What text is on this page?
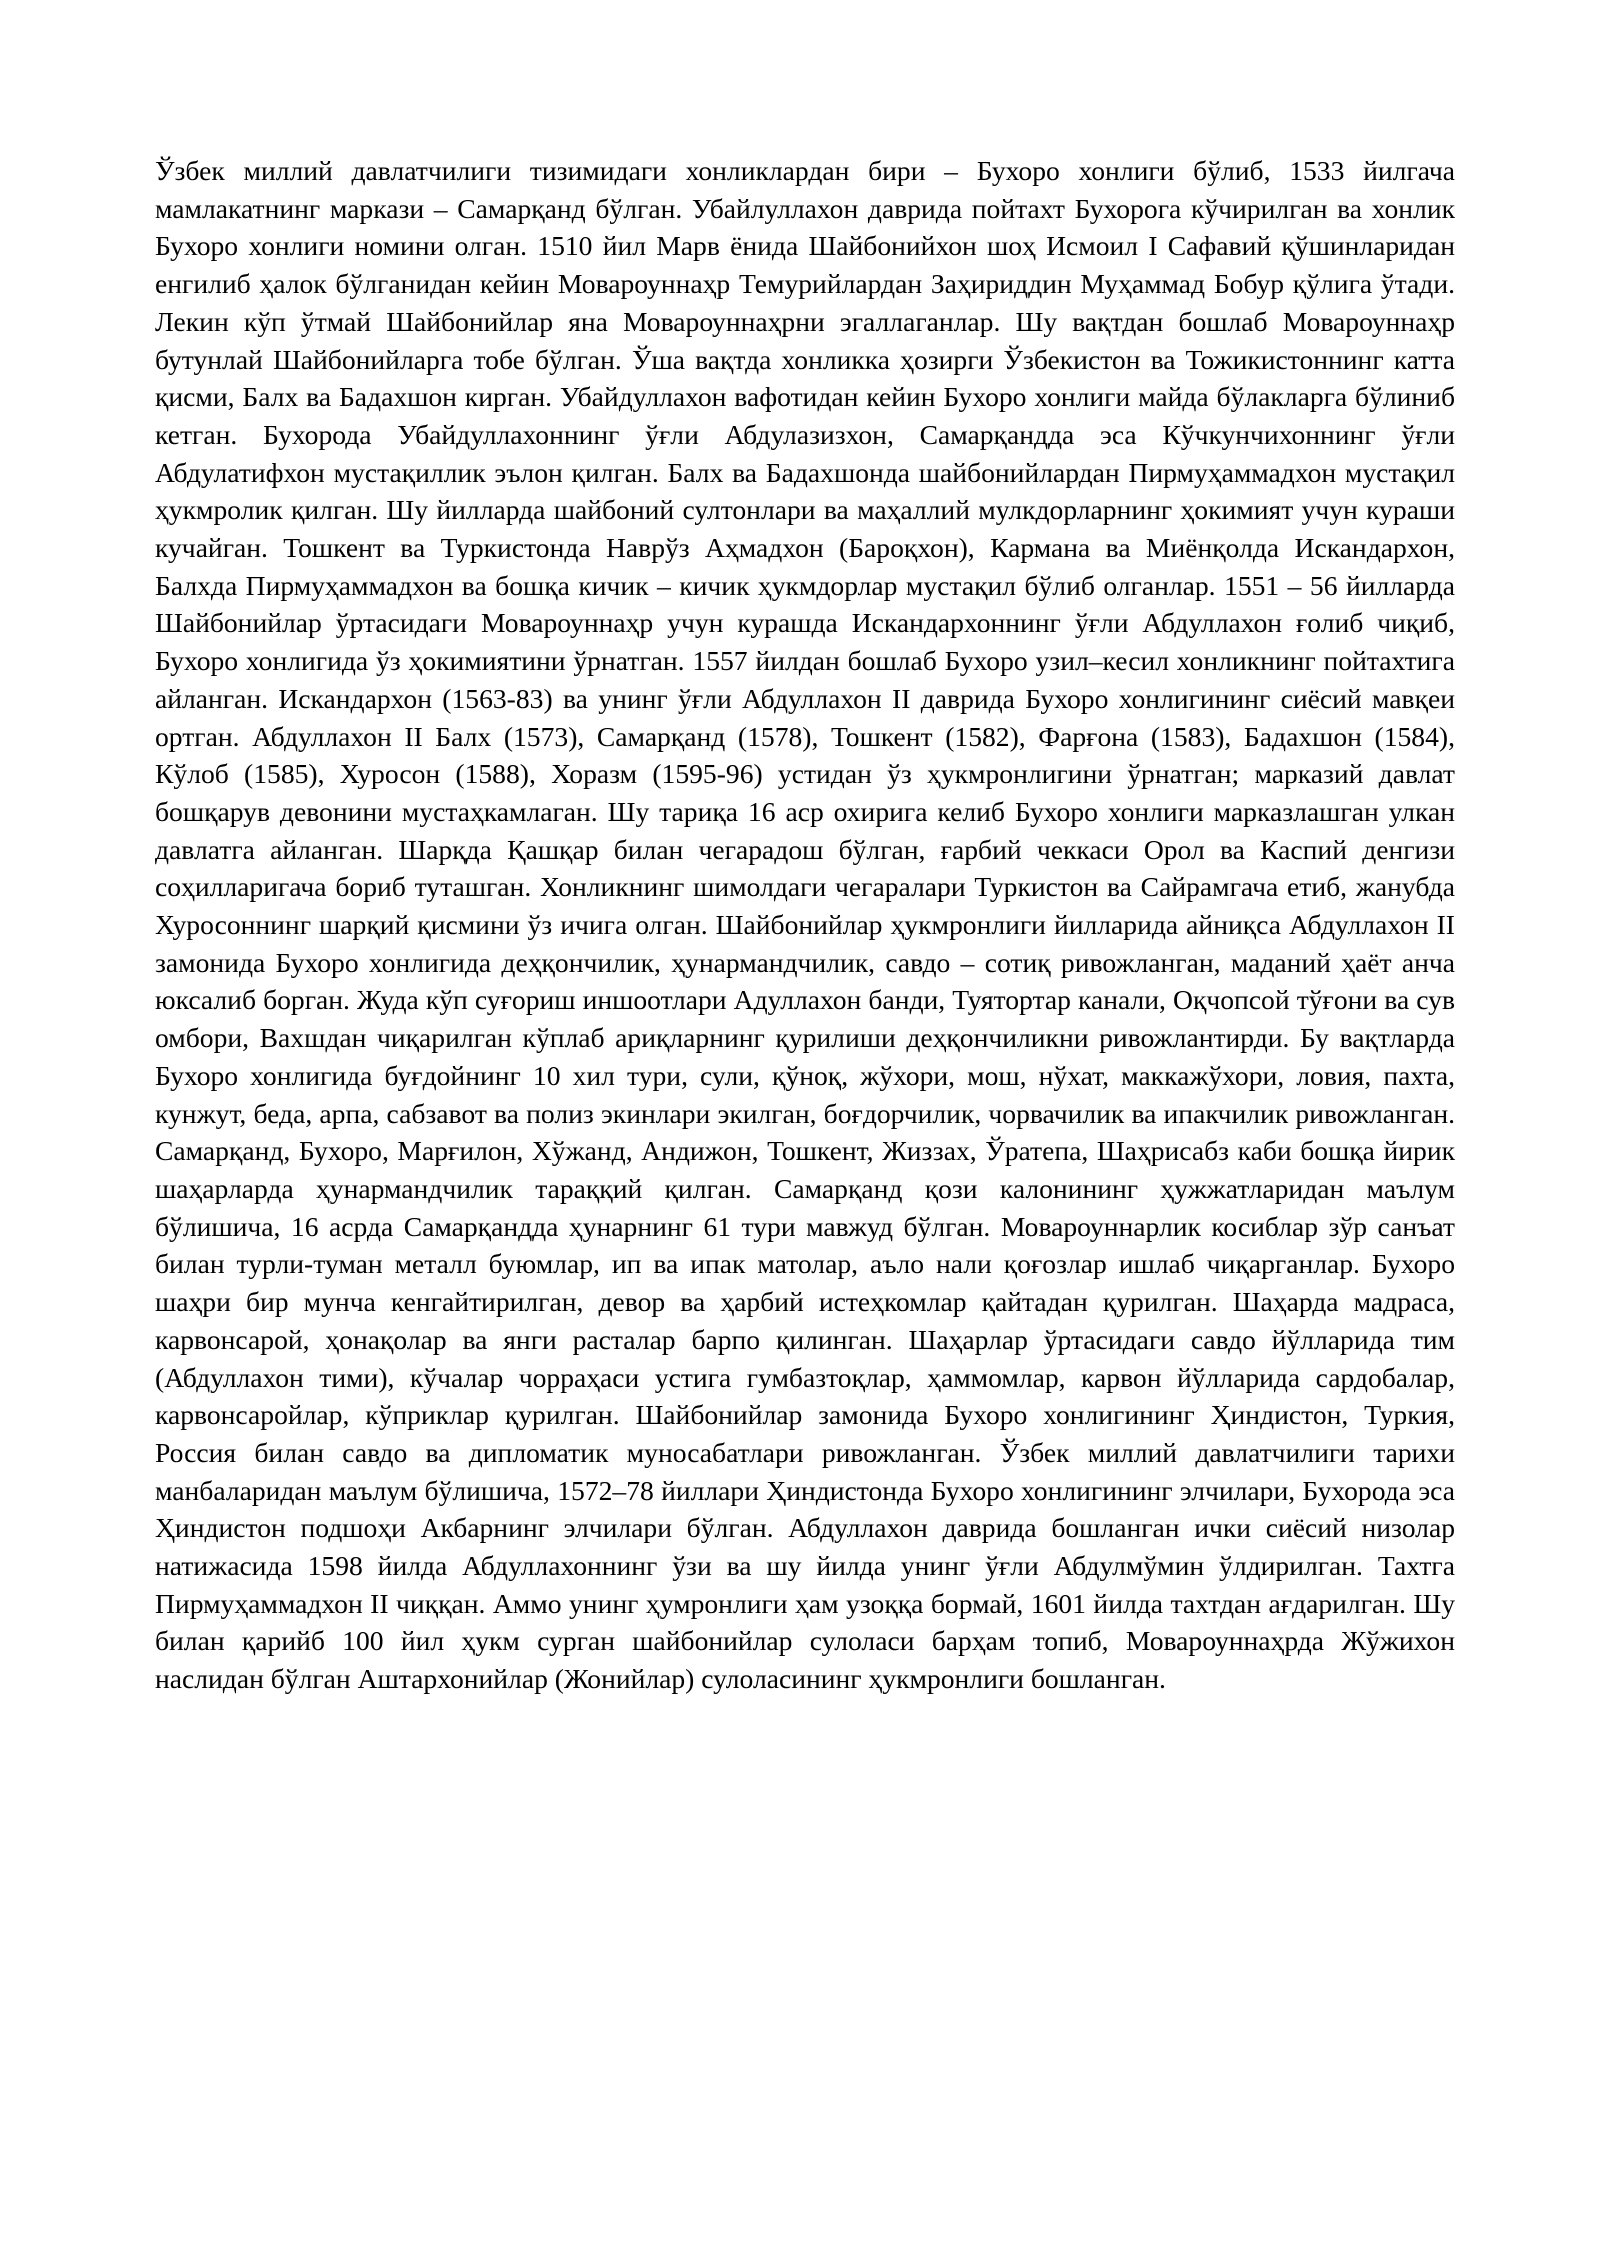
Ўзбек миллий давлатчилиги тизимидаги хонликлардан бири – Бухоро хонлиги бўлиб, 1533 йилгача мамлакатнинг маркази – Самарқанд бўлган. Убайлуллахон даврида пойтахт Бухорога кўчирилган ва хонлик Бухоро хонлиги номини олган. 1510 йил Марв ёнида Шайбонийхон шоҳ Исмоил I Сафавий қўшинларидан енгилиб ҳалок бўлганидан кейин Мовароуннаҳр Темурийлардан Заҳириддин Муҳаммад Бобур қўлига ўтади. Лекин кўп ўтмай Шайбонийлар яна Мовароуннаҳрни эгаллаганлар. Шу вақтдан бошлаб Мовароуннаҳр бутунлай Шайбонийларга тобе бўлган. Ўша вақтда хонликка ҳозирги Ўзбекистон ва Тожикистоннинг катта қисми, Балх ва Бадахшон кирган. Убайдуллахон вафотидан кейин Бухоро хонлиги майда бўлакларга бўлиниб кетган. Бухорода Убайдуллахоннинг ўғли Абдулазизхон, Самарқандда эса Кўчкунчихоннинг ўғли Абдулатифхон мустақиллик эълон қилган. Балх ва Бадахшонда шайбонийлардан Пирмуҳаммадхон мустақил ҳукмролик қилган. Шу йилларда шайбоний султонлари ва маҳаллий мулкдорларнинг ҳокимият учун кураши кучайган. Тошкент ва Туркистонда Наврўз Аҳмадхон (Бароқхон), Кармана ва Миёнқолда Искандархон, Балхда Пирмуҳаммадхон ва бошқа кичик – кичик ҳукмдорлар мустақил бўлиб олганлар. 1551 – 56 йилларда Шайбонийлар ўртасидаги Мовароуннаҳр учун курашда Искандархоннинг ўғли Абдуллахон ғолиб чиқиб, Бухоро хонлигида ўз ҳокимиятини ўрнатган. 1557 йилдан бошлаб Бухоро узил–кесил хонликнинг пойтахтига айланган. Искандархон (1563-83) ва унинг ўғли Абдуллахон II даврида Бухоро хонлигининг сиёсий мавқеи ортган. Абдуллахон II Балх (1573), Самарқанд (1578), Тошкент (1582), Фарғона (1583), Бадахшон (1584), Кўлоб (1585), Хуросон (1588), Хоразм (1595-96) устидан ўз ҳукмронлигини ўрнатган; марказий давлат бошқарув девонини мустаҳкамлаган. Шу тариқа 16 аср охирига келиб Бухоро хонлиги марказлашган улкан давлатга айланган. Шарқда Қашқар билан чегарадош бўлган, ғарбий чеккаси Орол ва Каспий денгизи соҳилларигача бориб туташган. Хонликнинг шимолдаги чегаралари Туркистон ва Сайрамгача етиб, жанубда Хуросоннинг шарқий қисмини ўз ичига олган. Шайбонийлар ҳукмронлиги йилларида айниқса Абдуллахон II замонида Бухоро хонлигида деҳқончилик, ҳунармандчилик, савдо – сотиқ ривожланган, маданий ҳаёт анча юксалиб борган. Жуда кўп суғориш иншоотлари Адуллахон банди, Туятортар канали, Оқчопсой тўғони ва сув омбори, Вахшдан чиқарилган кўплаб ариқларнинг қурилиши деҳқончиликни ривожлантирди. Бу вақтларда Бухоро хонлигида буғдойнинг 10 хил тури, сули, қўноқ, жўхори, мош, нўхат, маккажўхори, ловия, пахта, кунжут, беда, арпа, сабзавот ва полиз экинлари экилган, боғдорчилик, чорвачилик ва ипакчилик ривожланган. Самарқанд, Бухоро, Марғилон, Хўжанд, Андижон, Тошкент, Жиззах, Ўратепа, Шаҳрисабз каби бошқа йирик шаҳарларда ҳунармандчилик тараққий қилган. Самарқанд қози калонининг ҳужжатларидан маълум бўлишича, 16 асрда Самарқандда ҳунарнинг 61 тури мавжуд бўлган. Мовароуннарлик косиблар зўр санъат билан турли-туман металл буюмлар, ип ва ипак матолар, аъло нали қоғозлар ишлаб чиқарганлар. Бухоро шаҳри бир мунча кенгайтирилган, девор ва ҳарбий истеҳкомлар қайтадан қурилган. Шаҳарда мадраса, карвонсарой, ҳонақолар ва янги расталар барпо қилинган. Шаҳарлар ўртасидаги савдо йўлларида тим (Абдуллахон тими), кўчалар чорраҳаси устига гумбазтоқлар, ҳаммомлар, карвон йўлларида сардобалар, карвонсаройлар, кўприклар қурилган. Шайбонийлар замонида Бухоро хонлигининг Ҳиндистон, Туркия, Россия билан савдо ва дипломатик муносабатлари ривожланган. Ўзбек миллий давлатчилиги тарихи манбаларидан маълум бўлишича, 1572–78 йиллари Ҳиндистонда Бухоро хонлигининг элчилари, Бухорода эса Ҳиндистон подшоҳи Акбарнинг элчилари бўлган. Абдуллахон даврида бошланган ички сиёсий низолар натижасида 1598 йилда Абдуллахоннинг ўзи ва шу йилда унинг ўғли Абдулмўмин ўлдирилган. Тахтга Пирмуҳаммадхон II чиққан. Аммо унинг ҳумронлиги ҳам узоққа бормай, 1601 йилда тахтдан ағдарилган. Шу билан қарийб 100 йил ҳукм сурган шайбонийлар сулоласи барҳам топиб, Мовароуннаҳрда Жўжихон наслидан бўлган Аштархонийлар (Жонийлар) сулоласининг ҳукмронлиги бошланган.
